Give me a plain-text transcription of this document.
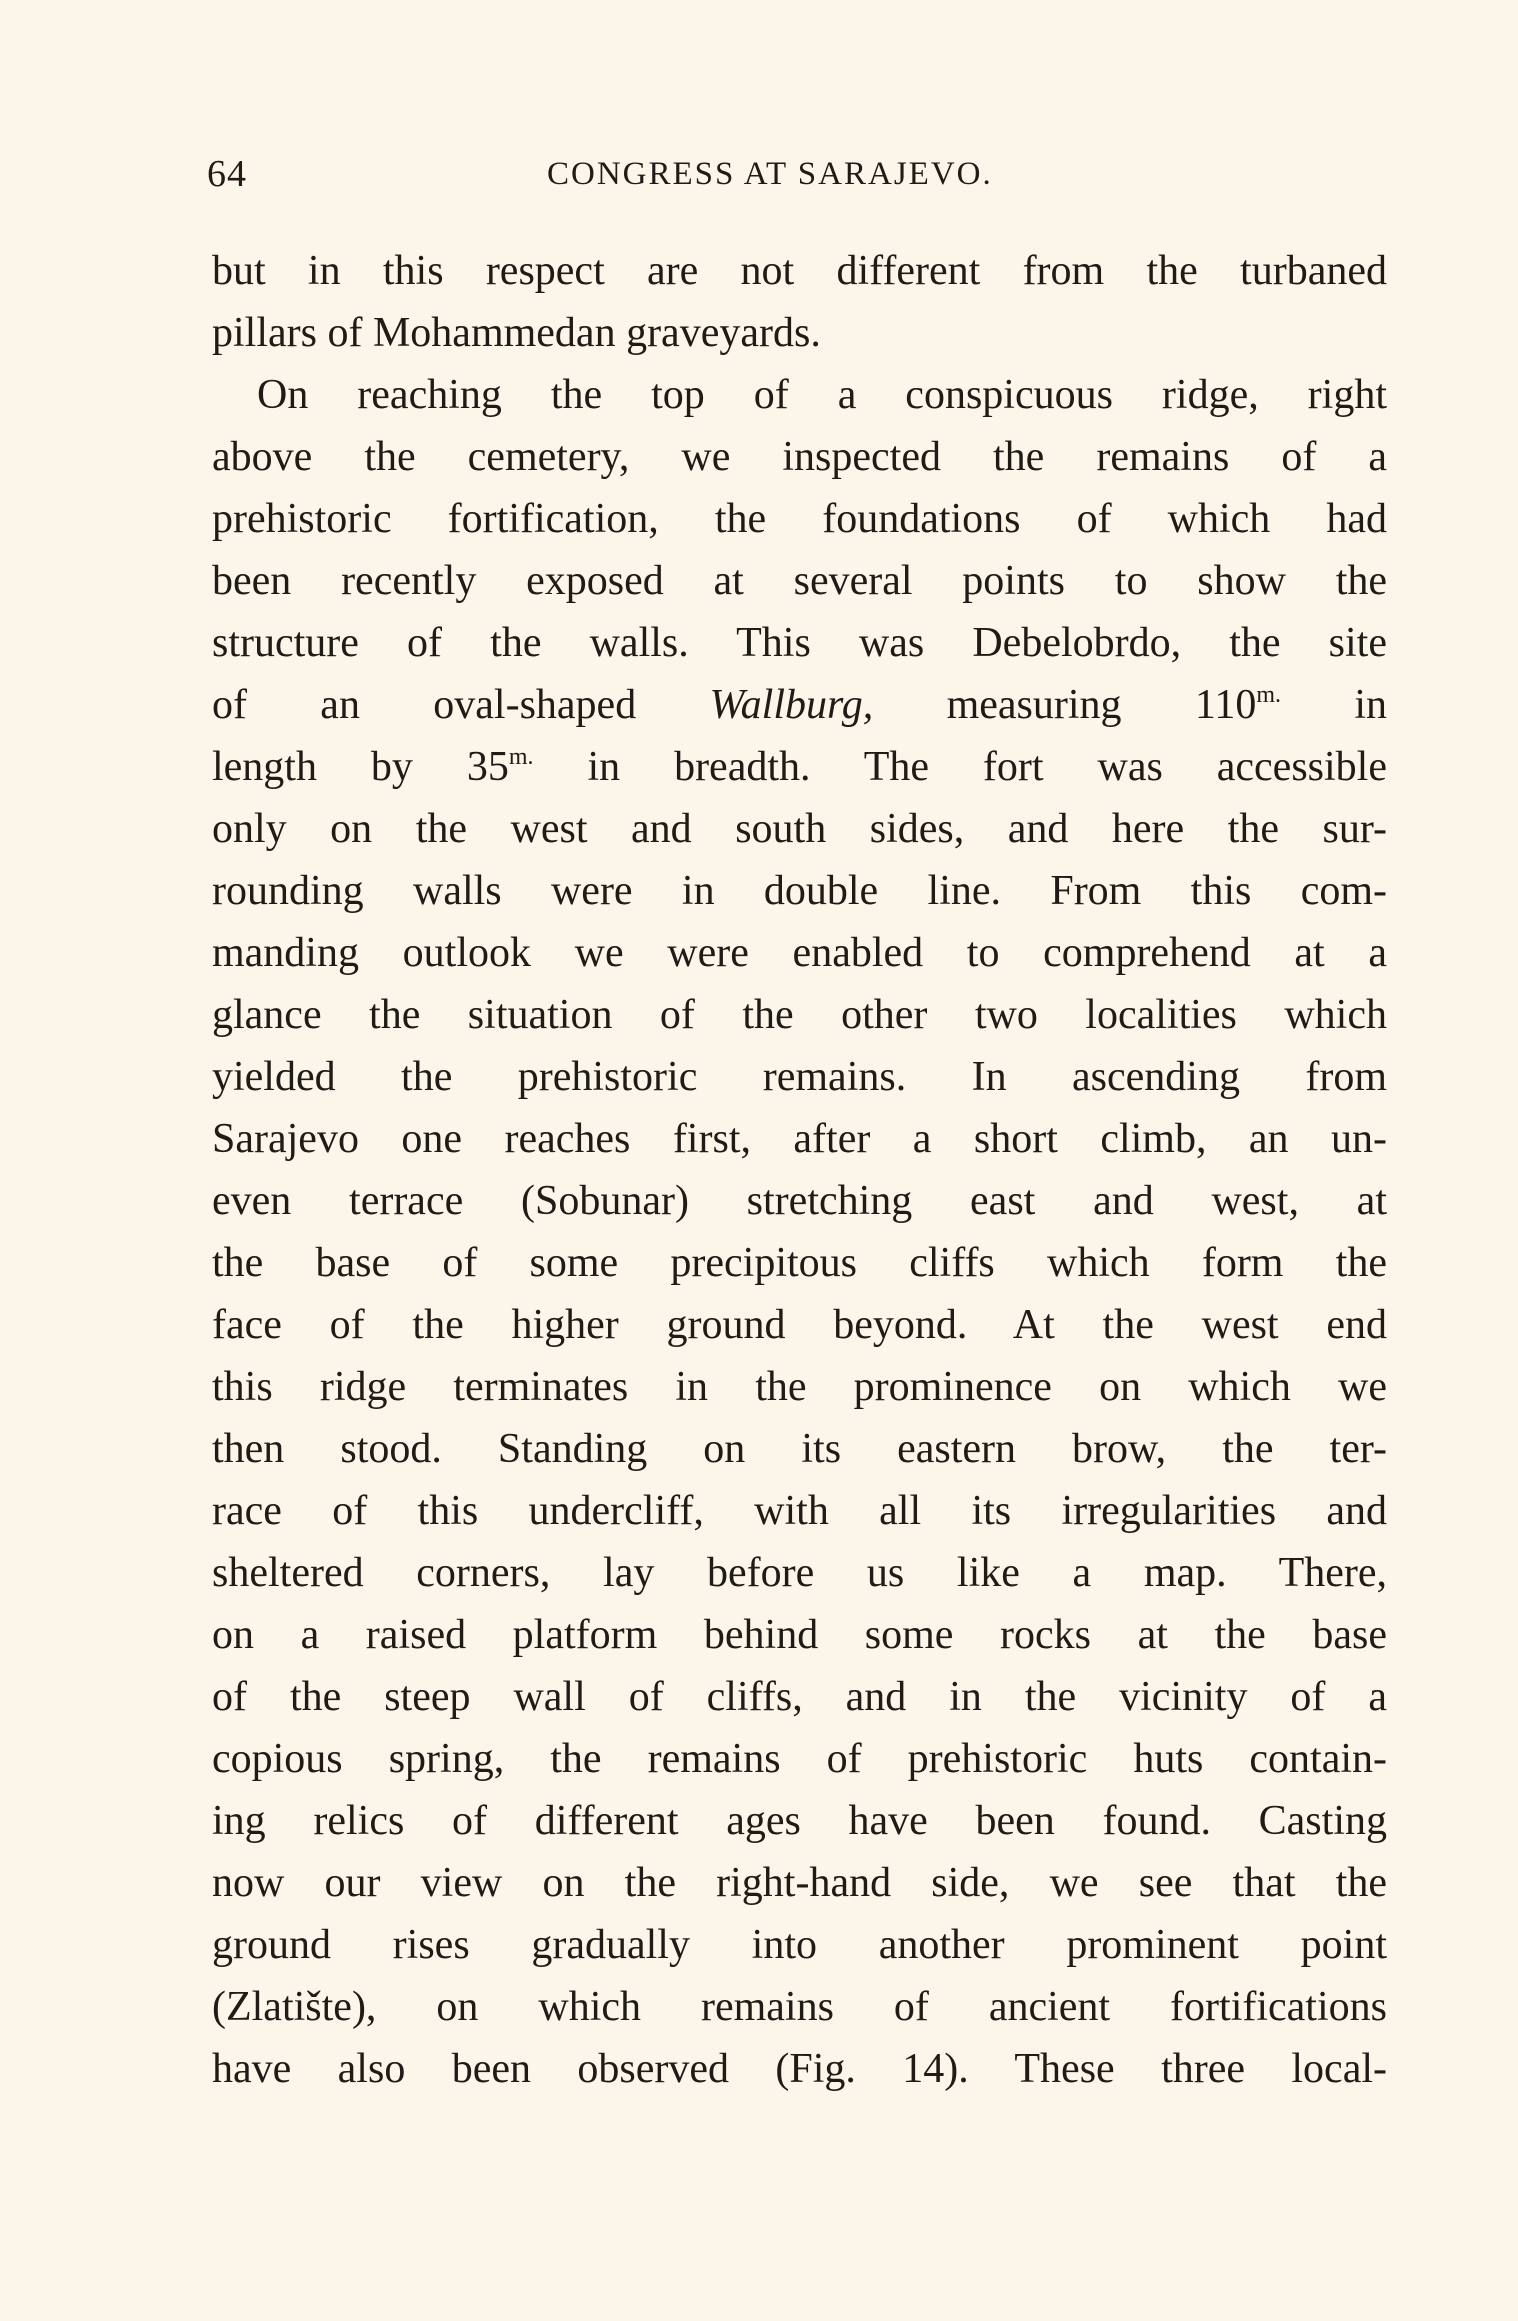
64	CONGRESS AT SARAJEVO.
but in this respect are not different from the turbaned
pillars of Mohammedan graveyards.
On reaching the top of a conspicuous ridge, right
above the cemetery, we inspected the remains of a
prehistoric fortification, the foundations of which had
been recently exposed at several points to show the
structure of the walls. This was Debelobrdo, the site
of an oval-shaped Wallburg, measuring $110^{m.}$ in
length by $35^{m.}$ in breadth. The fort was accessible
only on the west and south sides, and here the sur-
rounding walls were in double line. From this com-
manding outlook we were enabled to comprehend at a
glance the situation of the other two localities which
yielded the prehistoric remains. In ascending from
Sarajevo one reaches first, after a short climb, an un-
even terrace (Sobunar) stretching east and west, at
the base of some precipitous cliffs which form the
face of the higher ground beyond. At the west end
this ridge terminates in the prominence on which we
then stood. Standing on its eastern brow, the ter-
race of this undercliff, with all its irregularities and
sheltered corners, lay before us like a map. There,
on a raised platform behind some rocks at the base
of the steep wall of cliffs, and in the vicinity of a
copious spring, the remains of prehistoric huts contain-
ing relics of different ages have been found. Casting
now our view on the right-hand side, we see that the
ground rises gradually into another prominent point
(Zlatište), on which remains of ancient fortifications
have also been observed (Fig. 14). These three local-
